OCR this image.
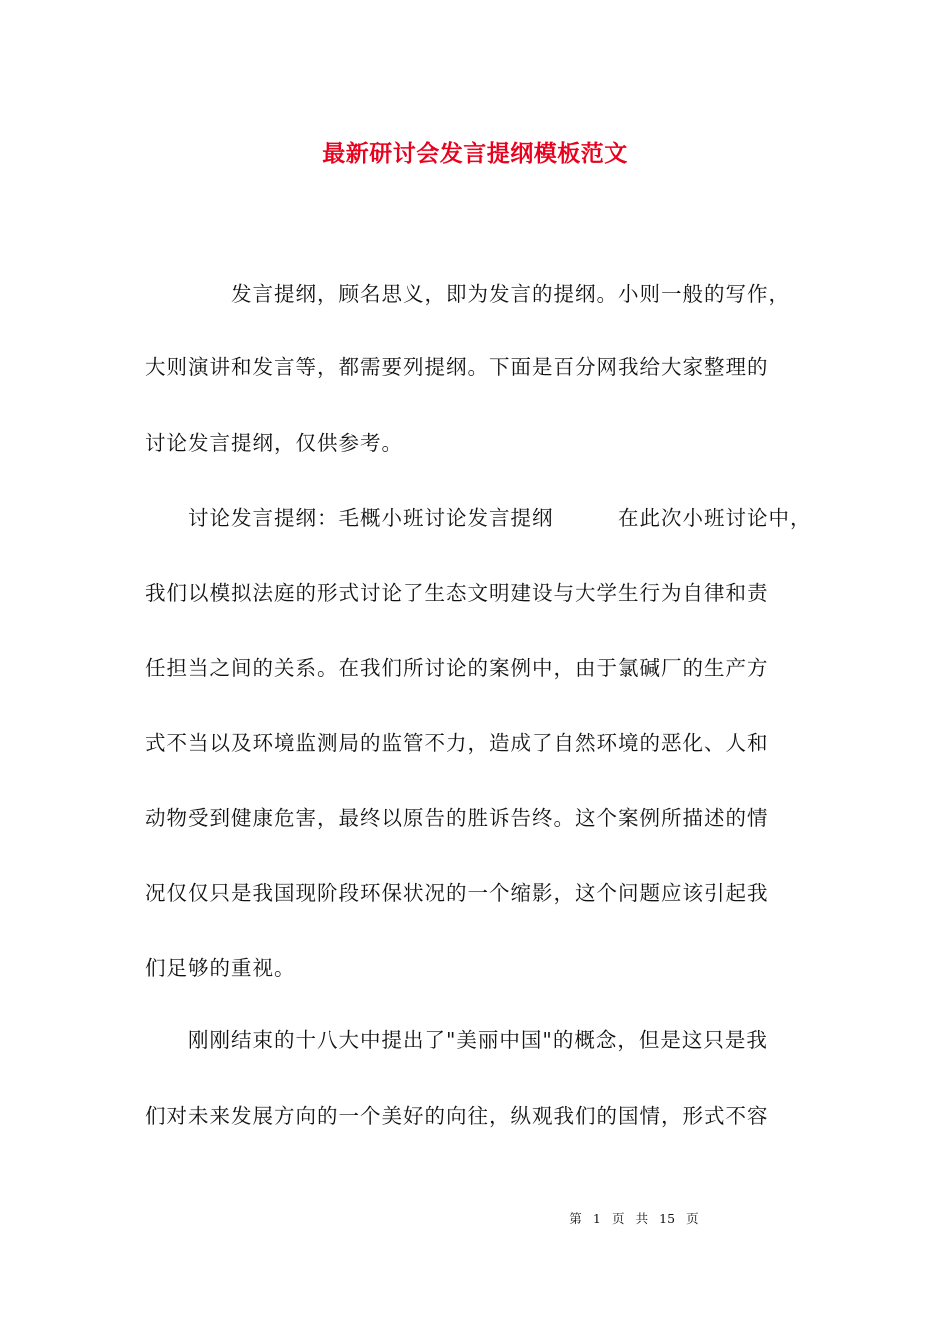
最新研讨会发言提纲模板范文
　　　　发言提纲，顾名思义，即为发言的提纲。小则一般的写作，
大则演讲和发言等，都需要列提纲。下面是百分网我给大家整理的
讨论发言提纲，仅供参考。
　　讨论发言提纲：毛概小班讨论发言提纲　　　在此次小班讨论中，
我们以模拟法庭的形式讨论了生态文明建设与大学生行为自律和责
任担当之间的关系。在我们所讨论的案例中，由于氯碱厂的生产方
式不当以及环境监测局的监管不力，造成了自然环境的恶化、人和
动物受到健康危害，最终以原告的胜诉告终。这个案例所描述的情
况仅仅只是我国现阶段环保状况的一个缩影，这个问题应该引起我
们足够的重视。
　　刚刚结束的十八大中提出了"美丽中国"的概念，但是这只是我
们对未来发展方向的一个美好的向往，纵观我们的国情，形式不容
第 1 页 共 15 页
